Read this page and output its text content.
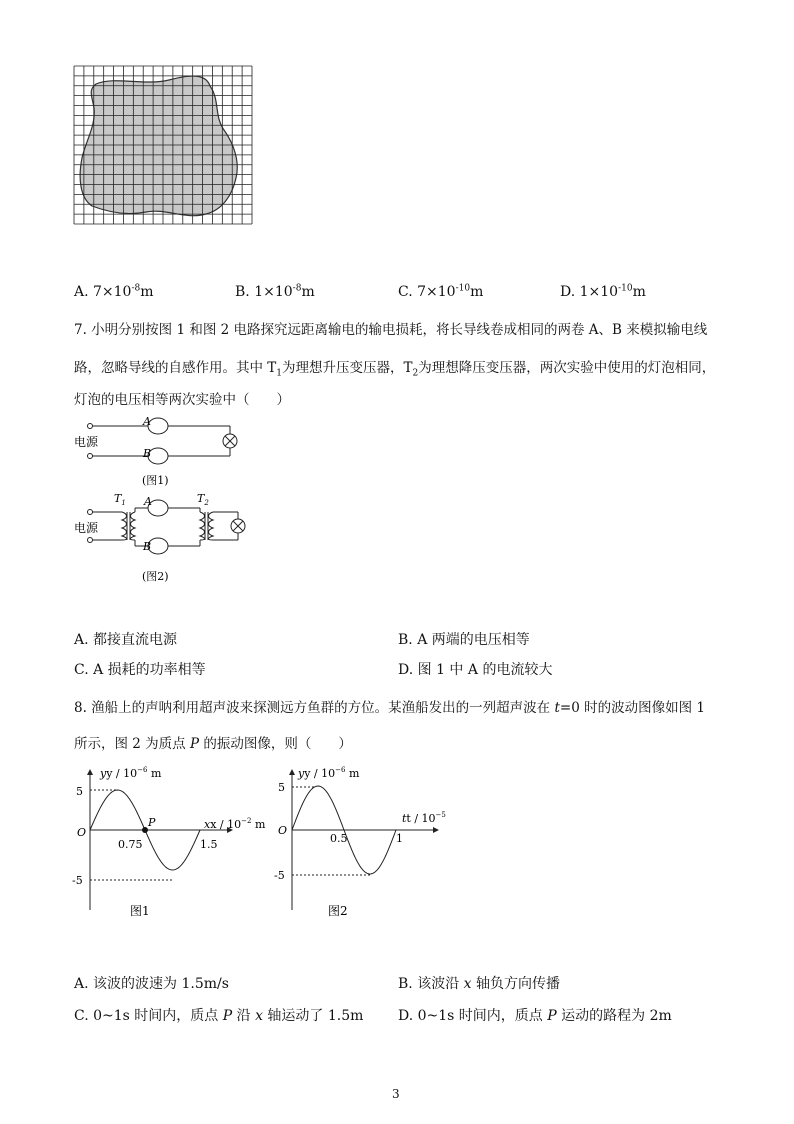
A. $7\times 10^{-8}m$	B. $1\times 10^{-8}m$	C. $7\times 10^{-10}m$	D. $1\times 10^{-10}m$
7. 小明分别按图 1 和图 2 电路探究远距离输电的输电损耗，将长导线卷成相同的两卷 A、B 来模拟输电线
路，忽略导线的自感作用。其中 $T_1$为理想升压变压器，$T_2$为理想降压变压器，两次实验中使用的灯泡相同，
灯泡的电压相等两次实验中（　　）
电源
A
B
(图1)
电源
$T_1$	$T_2$
A
B
(图2)
A. 都接直流电源	B. A 两端的电压相等
C. A 损耗的功率相等	D. 图 1 中 A 的电流较大
8. 渔船上的声呐利用超声波来探测远方鱼群的方位。某渔船发出的一列超声波在 t=0 时的波动图像如图 1
所示，图 2 为质点 P 的振动图像，则（　　）
yy / $10^{-6}$ m
5
-5
O
0.75	1.5
P	xx / $10^{-2}$ m
图1
yy / $10^{-6}$ m
5
-5
O
0.5	1
tt / $10^{-5}$
图2
A. 该波的波速为 1.5m/s	B. 该波沿 x 轴负方向传播
C. 0~1s 时间内，质点 P 沿 x 轴运动了 1.5m D. 0~1s 时间内，质点 P 运动的路程为 2m
3
